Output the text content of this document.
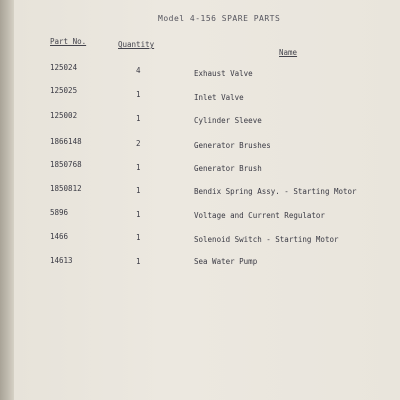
Model 4-156 SPARE PARTS
Part No.	Quantity
Name
125024	4	Exhaust Valve
125025	1	Inlet Valve
125002	1	Cylinder Sleeve
1866148	2	Generator Brushes
1850768	1	Generator Brush
1850812	1	Bendix Spring Assy. - Starting Motor
5896	1	Voltage and Current Regulator
1466	1	Solenoid Switch - Starting Motor
14613	1	Sea Water Pump
